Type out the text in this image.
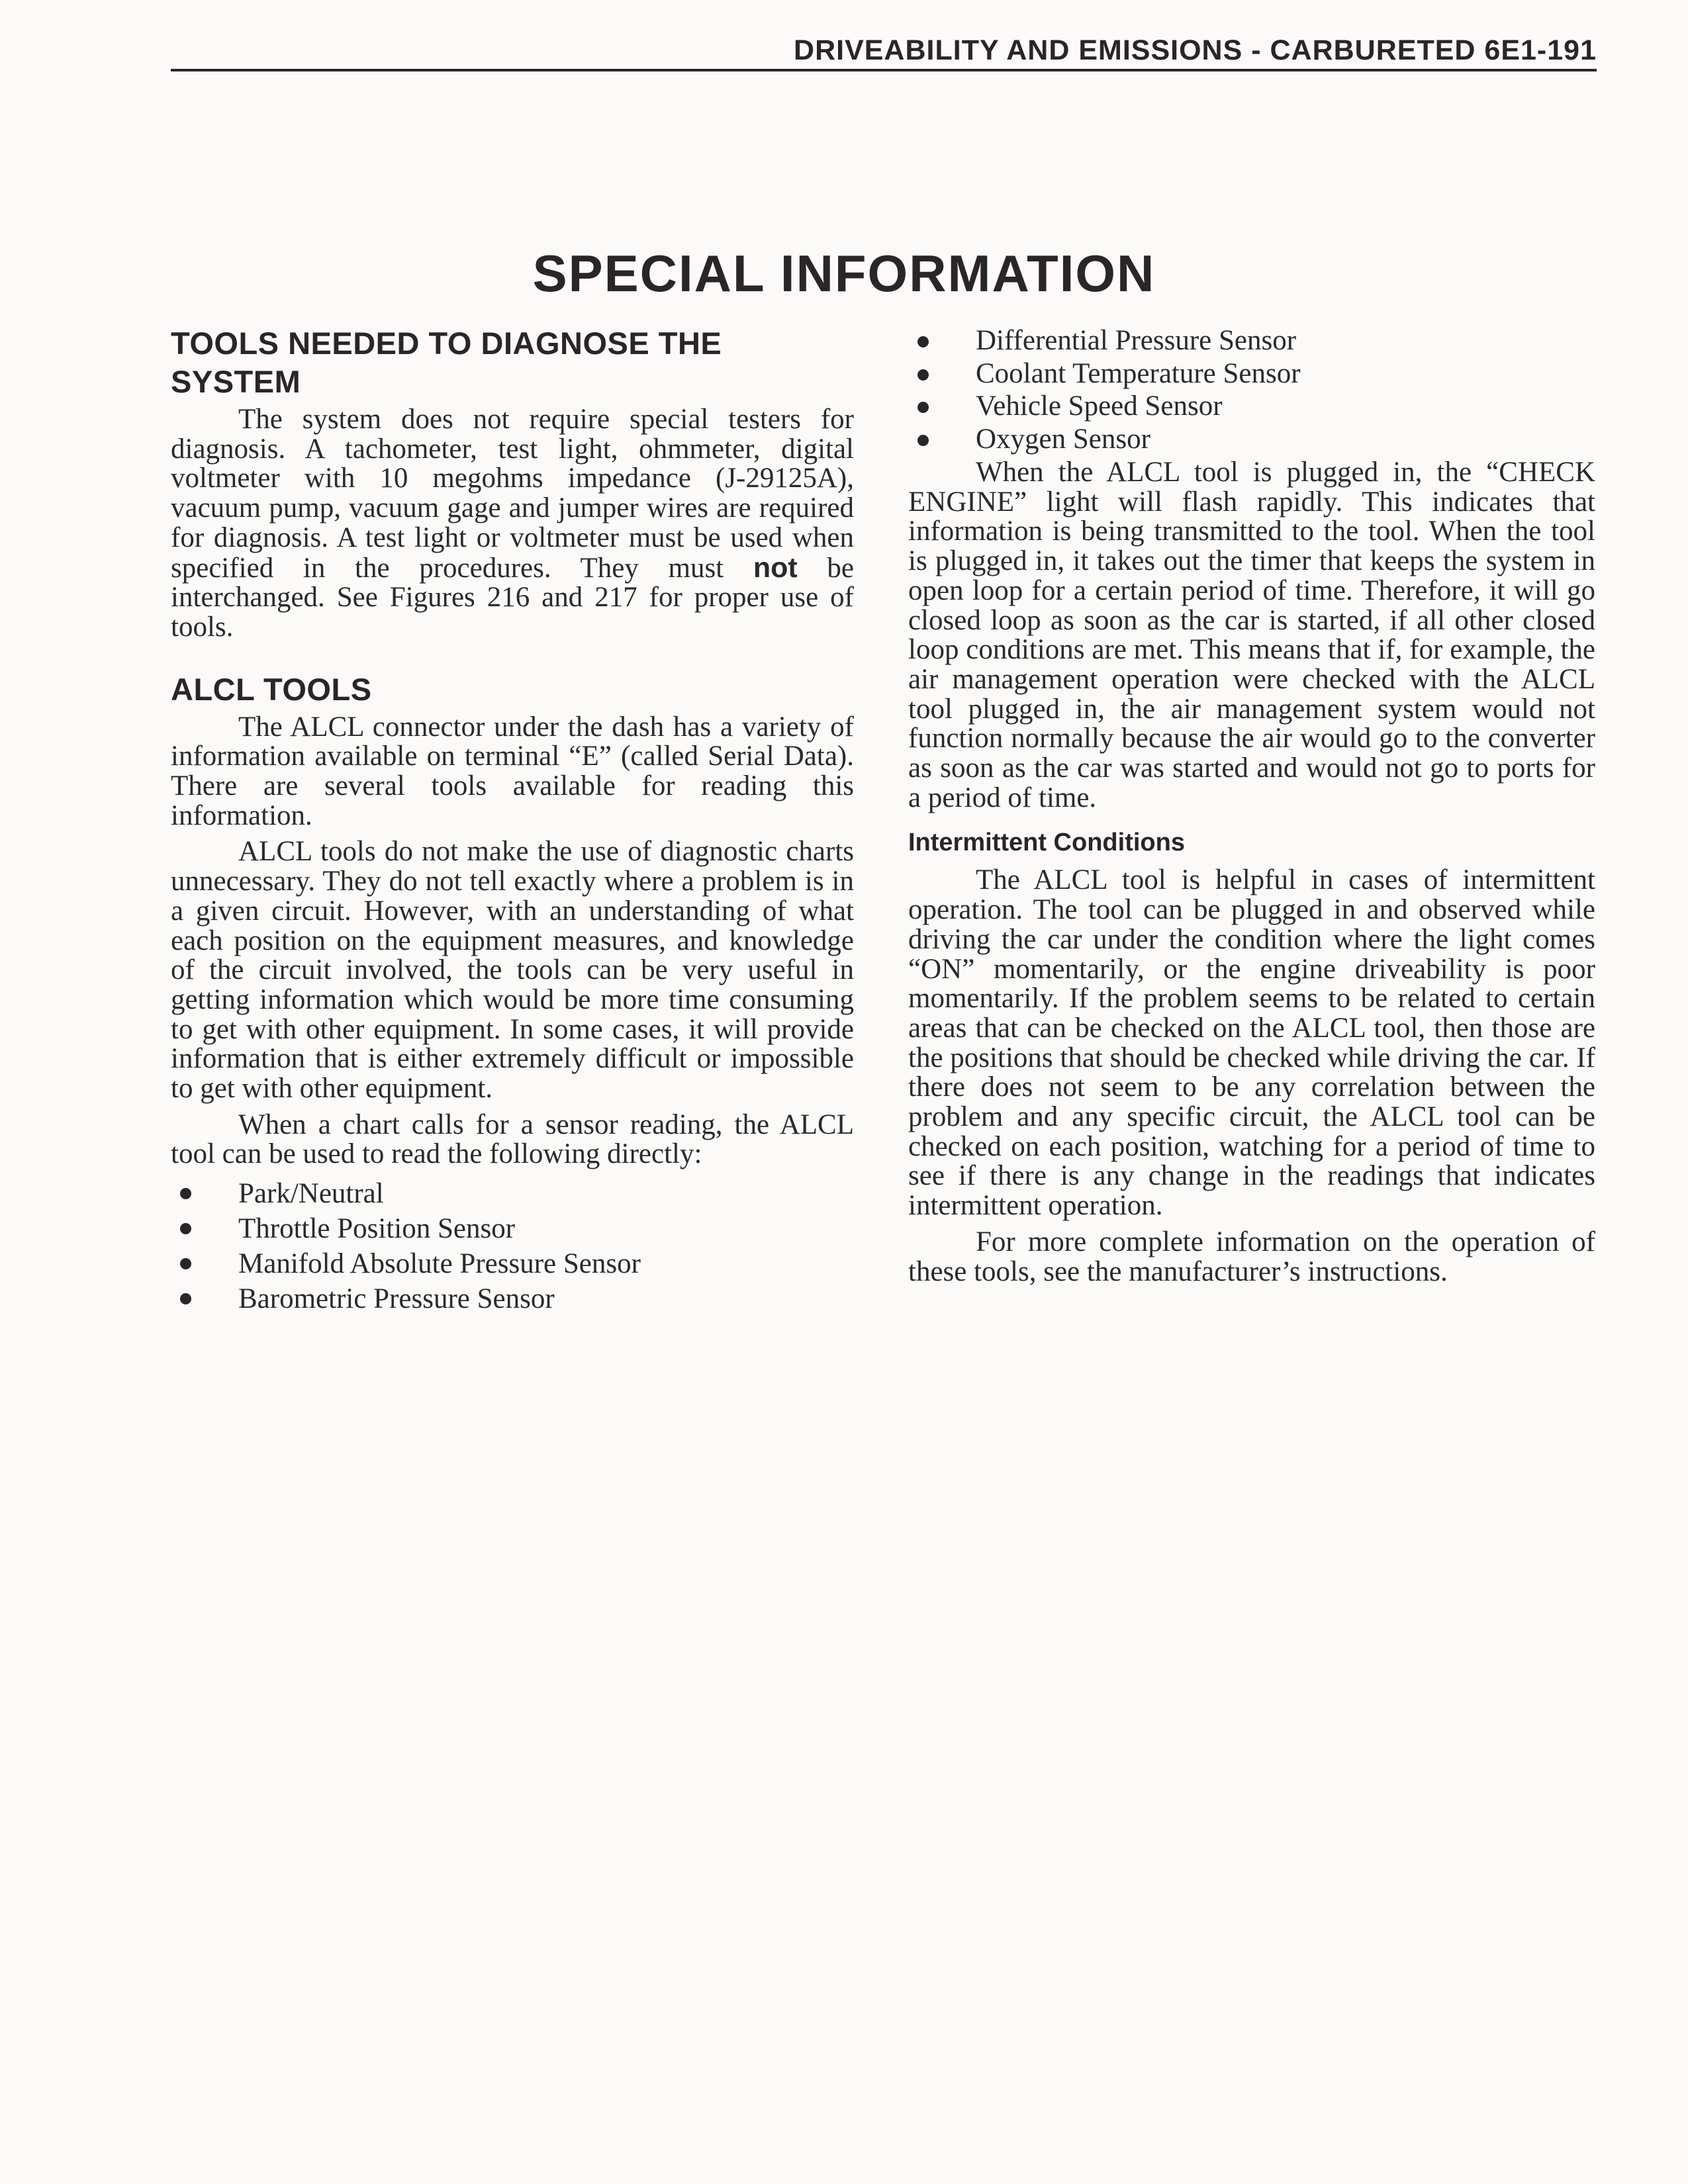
DRIVEABILITY AND EMISSIONS - CARBURETED 6E1-191
SPECIAL INFORMATION
TOOLS NEEDED TO DIAGNOSE THE SYSTEM

The system does not require special testers for diagnosis. A tachometer, test light, ohmmeter, digital voltmeter with 10 megohms impedance (J-29125A), vacuum pump, vacuum gage and jumper wires are required for diagnosis. A test light or voltmeter must be used when specified in the procedures. They must not be interchanged. See Figures 216 and 217 for proper use of tools.

ALCL TOOLS

The ALCL connector under the dash has a variety of information available on terminal “E” (called Serial Data). There are several tools available for reading this information.

ALCL tools do not make the use of diagnostic charts unnecessary. They do not tell exactly where a problem is in a given circuit. However, with an understanding of what each position on the equipment measures, and knowledge of the circuit involved, the tools can be very useful in getting information which would be more time consuming to get with other equipment. In some cases, it will provide information that is either extremely difficult or impossible to get with other equipment.

When a chart calls for a sensor reading, the ALCL tool can be used to read the following directly:

Park/Neutral
Throttle Position Sensor
Manifold Absolute Pressure Sensor
Barometric Pressure Sensor
Differential Pressure Sensor
Coolant Temperature Sensor
Vehicle Speed Sensor
Oxygen Sensor

When the ALCL tool is plugged in, the “CHECK ENGINE” light will flash rapidly. This indicates that information is being transmitted to the tool. When the tool is plugged in, it takes out the timer that keeps the system in open loop for a certain period of time. Therefore, it will go closed loop as soon as the car is started, if all other closed loop conditions are met. This means that if, for example, the air management operation were checked with the ALCL tool plugged in, the air management system would not function normally because the air would go to the converter as soon as the car was started and would not go to ports for a period of time.

Intermittent Conditions

The ALCL tool is helpful in cases of intermittent operation. The tool can be plugged in and observed while driving the car under the condition where the light comes “ON” momentarily, or the engine driveability is poor momentarily. If the problem seems to be related to certain areas that can be checked on the ALCL tool, then those are the positions that should be checked while driving the car. If there does not seem to be any correlation between the problem and any specific circuit, the ALCL tool can be checked on each position, watching for a period of time to see if there is any change in the readings that indicates intermittent operation.

For more complete information on the operation of these tools, see the manufacturer’s instructions.
